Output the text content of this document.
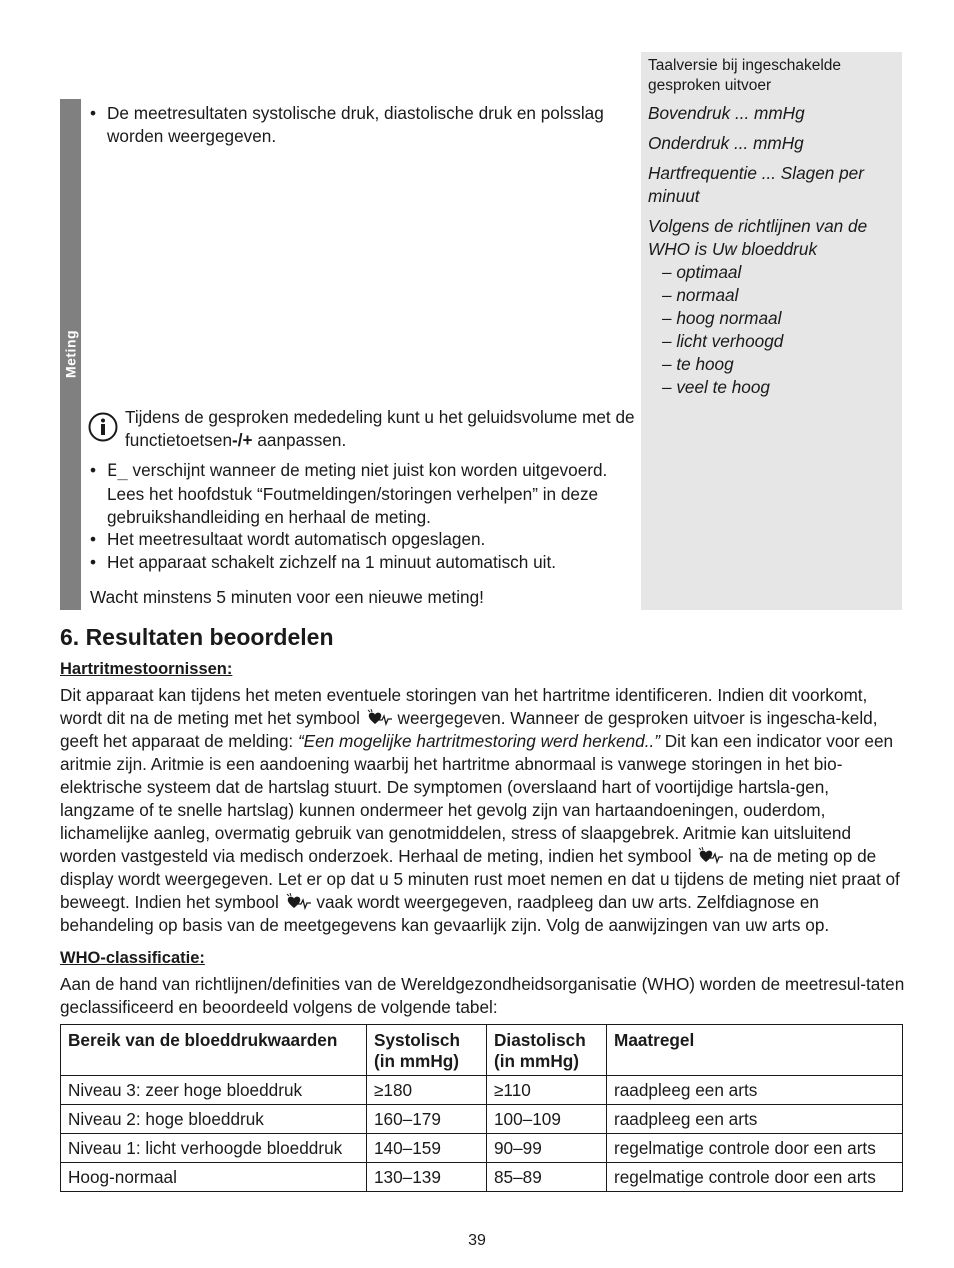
Taalversie bij ingeschakelde gesproken uitvoer
Bovendruk ... mmHg
Onderdruk ... mmHg
Hartfrequentie ... Slagen per minuut
Volgens de richtlijnen van de WHO is Uw bloeddruk
– optimaal
– normaal
– hoog normaal
– licht verhoogd
– te hoog
– veel te hoog
Meting
• De meetresultaten systolische druk, diastolische druk en polsslag worden weergegeven.
Tijdens de gesproken mededeling kunt u het geluidsvolume met de functietoetsen-/+ aanpassen.
• E_ verschijnt wanneer de meting niet juist kon worden uitgevoerd. Lees het hoofdstuk “Foutmeldingen/storingen verhelpen” in deze gebruikshandleiding en herhaal de meting.
• Het meetresultaat wordt automatisch opgeslagen.
• Het apparaat schakelt zichzelf na 1 minuut automatisch uit.
Wacht minstens 5 minuten voor een nieuwe meting!
6. Resultaten beoordelen
Hartritmestoornissen:
Dit apparaat kan tijdens het meten eventuele storingen van het hartritme identificeren. Indien dit voorkomt, wordt dit na de meting met het symbool  weergegeven. Wanneer de gesproken uitvoer is ingescha-keld, geeft het apparaat de melding: “Een mogelijke hartritmestoring werd herkend..” Dit kan een indicator voor een aritmie zijn. Aritmie is een aandoening waarbij het hartritme abnormaal is vanwege storingen in het bio-elektrische systeem dat de hartslag stuurt. De symptomen (overslaand hart of voortijdige hartsla-gen, langzame of te snelle hartslag) kunnen ondermeer het gevolg zijn van hartaandoeningen, ouderdom, lichamelijke aanleg, overmatig gebruik van genotmiddelen, stress of slaapgebrek. Aritmie kan uitsluitend worden vastgesteld via medisch onderzoek. Herhaal de meting, indien het symbool  na de meting op de display wordt weergegeven. Let er op dat u 5 minuten rust moet nemen en dat u tijdens de meting niet praat of beweegt. Indien het symbool  vaak wordt weergegeven, raadpleeg dan uw arts. Zelfdiagnose en behandeling op basis van de meetgegevens kan gevaarlijk zijn. Volg de aanwijzingen van uw arts op.
WHO-classificatie:
Aan de hand van richtlijnen/definities van de Wereldgezondheidsorganisatie (WHO) worden de meetresul-taten geclassificeerd en beoordeeld volgens de volgende tabel:
Bereik van de bloeddrukwaarden	Systolisch (in mmHg)	Diastolisch (in mmHg)	Maatregel
Niveau 3: zeer hoge bloeddruk	≥180	≥110	raadpleeg een arts
Niveau 2: hoge bloeddruk	160–179	100–109	raadpleeg een arts
Niveau 1: licht verhoogde bloeddruk	140–159	90–99	regelmatige controle door een arts
Hoog-normaal	130–139	85–89	regelmatige controle door een arts
39
